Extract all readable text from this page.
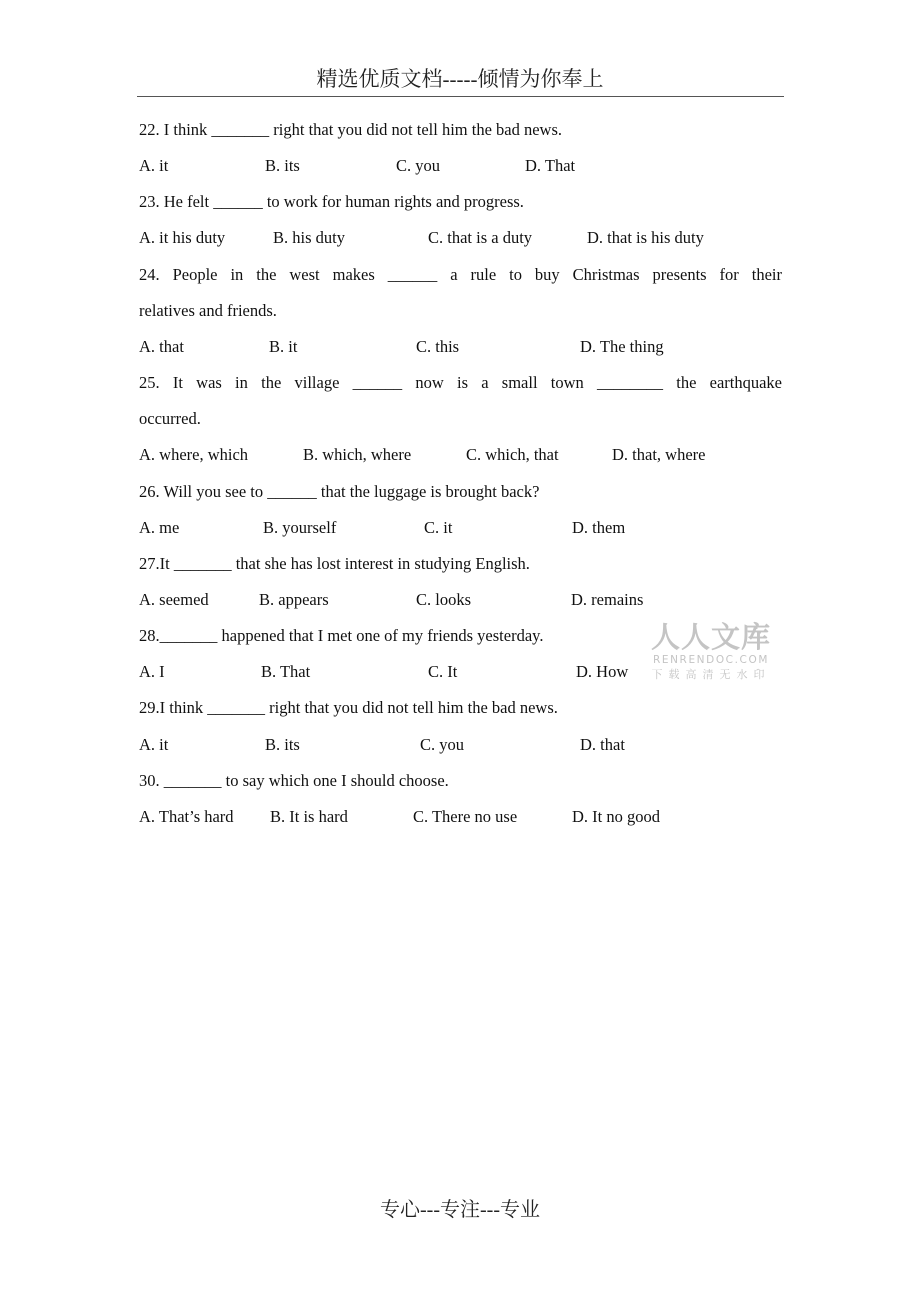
精选优质文档-----倾情为你奉上
22. I think _______ right that you did not tell him the bad news.
A. it	B. its	C. you	D. That
23. He felt ______ to work for human rights and progress.
A. it his duty	B. his duty	C. that is a duty	D. that is his duty
24. People in the west makes ______ a rule to buy Christmas presents for their
relatives and friends.
A. that	B. it	C. this	D. The thing
25. It was in the village ______ now is a small town ________ the earthquake
occurred.
A. where, which	B. which, where	C. which, that	D. that, where
26. Will you see to ______ that the luggage is brought back?
A. me	B. yourself	C. it	D. them
27.It _______ that she has lost interest in studying English.
A. seemed	B. appears	C. looks	D. remains
28._______ happened that I met one of my friends yesterday.
A. I	B. That	C. It	D. How
29.I think _______ right that you did not tell him the bad news.
A. it	B. its	C. you	D. that
30. _______ to say which one I should choose.
A. That’s hard B. It is hard	C. There no use	D. It no good
人人文库
RENRENDOC.COM
下载高清无水印
专心---专注---专业
